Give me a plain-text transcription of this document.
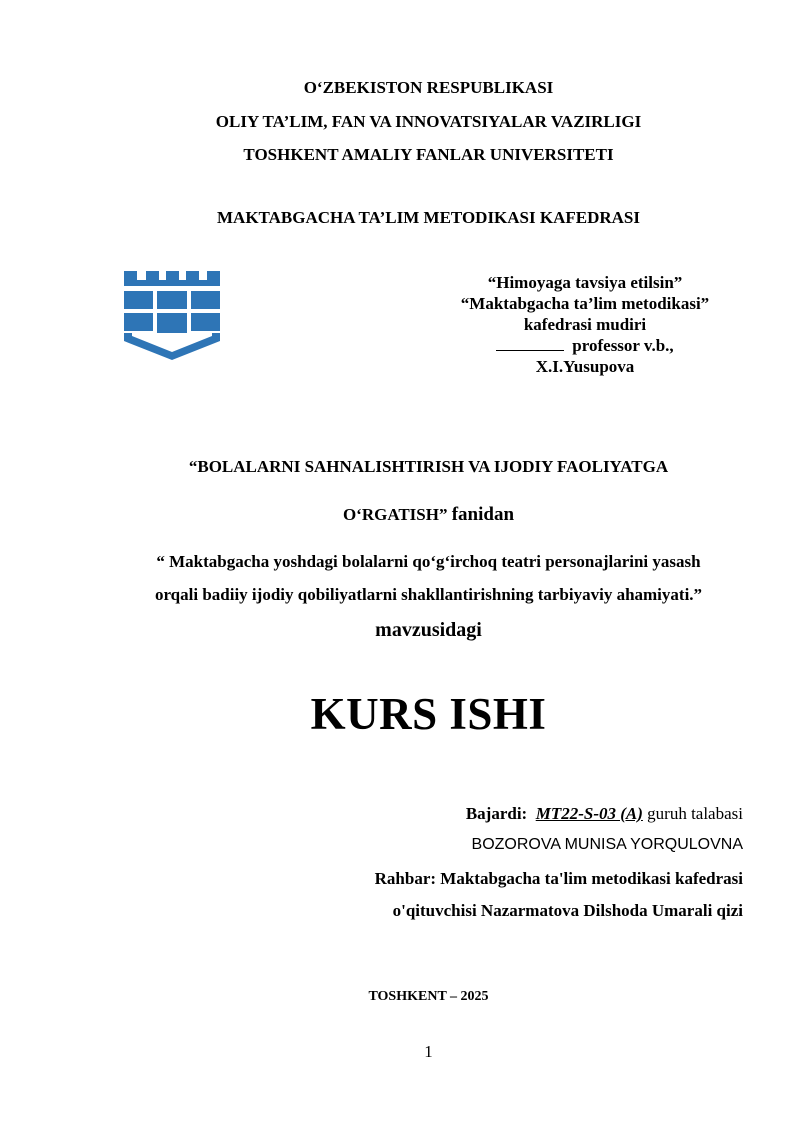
O‘ZBEKISTON RESPUBLIKASI
OLIY TA’LIM, FAN VA INNOVATSIYALAR VAZIRLIGI
TOSHKENT AMALIY FANLAR UNIVERSITETI
MAKTABGACHA TA’LIM METODIKASI KAFEDRASI
“Himoyaga tavsiya etilsin”
“Maktabgacha ta’lim metodikasi”
kafedrasi mudiri
professor v.b.,
X.I.Yusupova
“BOLALARNI SAHNALISHTIRISH VA IJODIY FAOLIYATGA
O‘RGATISH” fanidan
“ Maktabgacha yoshdagi bolalarni qo‘g‘irchoq teatri personajlarini yasash
orqali badiiy ijodiy qobiliyatlarni shakllantirishning tarbiyaviy ahamiyati.”
mavzusidagi
KURS ISHI
Bajardi: MT22-S-03 (A) guruh talabasi
BOZOROVA MUNISA YORQULOVNA
Rahbar: Maktabgacha ta'lim metodikasi kafedrasi
o'qituvchisi Nazarmatova Dilshoda Umarali qizi
TOSHKENT – 2025
1
